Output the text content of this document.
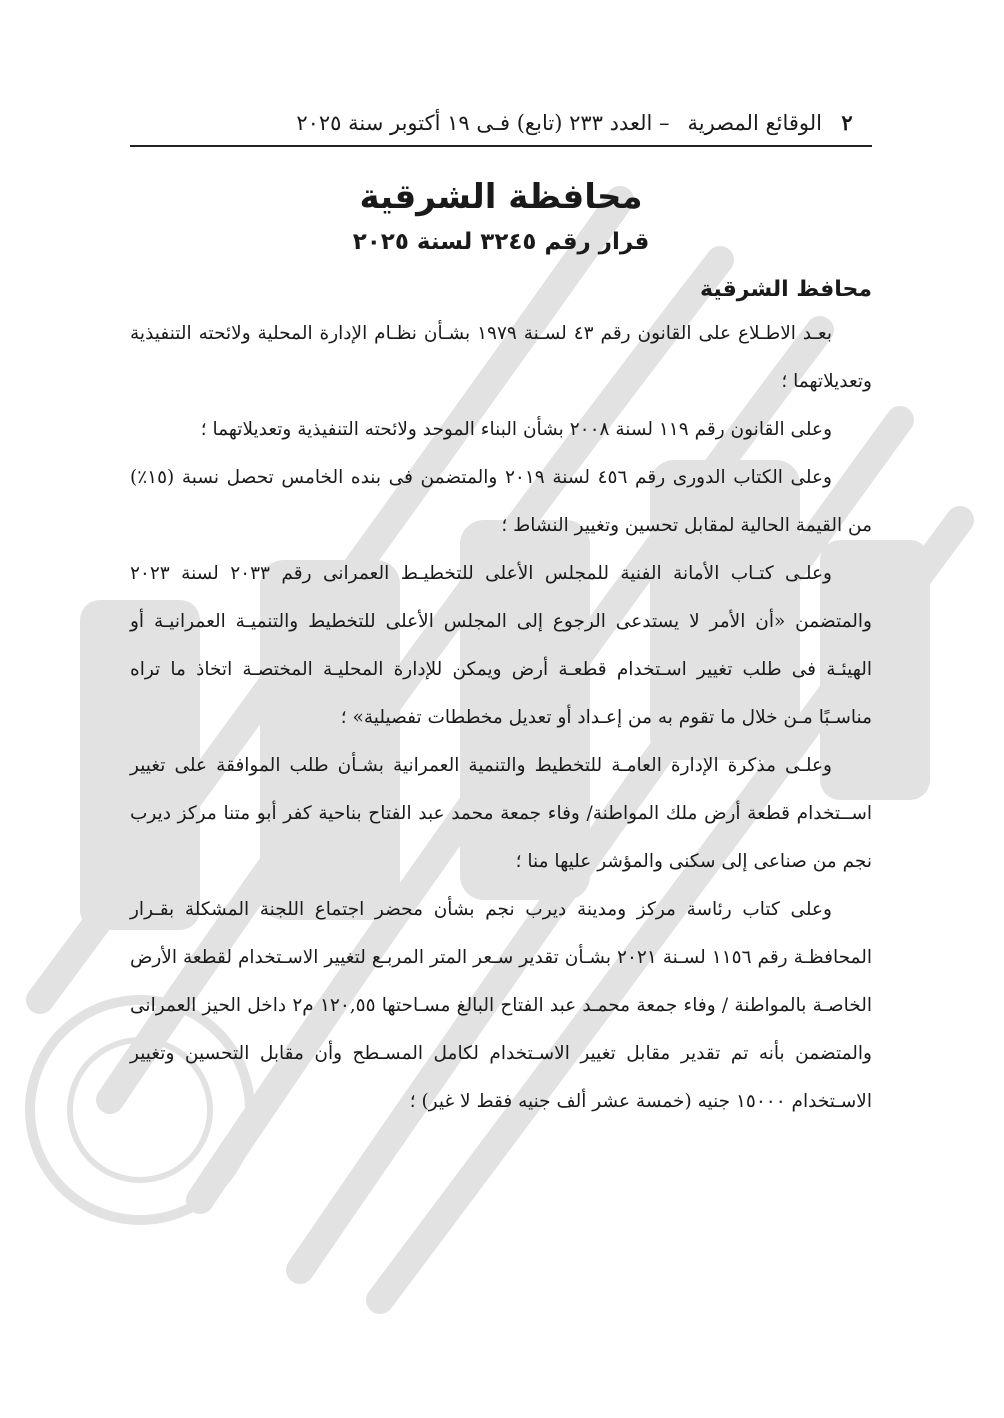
٢
الوقائع المصرية
– العدد ٢٣٣ (تابع) فـى ١٩ أكتوبر سنة ٢٠٢٥
محافظة الشرقية
قرار رقم ٣٢٤٥ لسنة ٢٠٢٥
محافظ الشرقية

بعـد الاطـلاع على القانون رقم ٤٣ لسـنة ١٩٧٩ بشـأن نظـام الإدارة المحلية ولائحته التنفيذية وتعديلاتهما ؛

وعلى القانون رقم ١١٩ لسنة ٢٠٠٨ بشأن البناء الموحد ولائحته التنفيذية وتعديلاتهما ؛

وعلى الكتاب الدورى رقم ٤٥٦ لسنة ٢٠١٩ والمتضمن فى بنده الخامس تحصل نسبة (١٥٪) من القيمة الحالية لمقابل تحسين وتغيير النشاط ؛

وعلـى كتـاب الأمانة الفنية للمجلس الأعلى للتخطيـط العمرانى رقم ٢٠٣٣ لسنة ٢٠٢٣ والمتضمن «أن الأمر لا يستدعى الرجوع إلى المجلس الأعلى للتخطيط والتنميـة العمرانيـة أو الهيئـة فى طلب تغيير اسـتخدام قطعـة أرض ويمكن للإدارة المحليـة المختصـة اتخاذ ما تراه مناسـبًا مـن خلال ما تقوم به من إعـداد أو تعديل مخططات تفصيلية» ؛

وعلـى مذكرة الإدارة العامـة للتخطيط والتنمية العمرانية بشـأن طلب الموافقة على تغيير اســتخدام قطعة أرض ملك المواطنة/ وفاء جمعة محمد عبد الفتاح بناحية كفر أبو متنا مركز ديرب نجم من صناعى إلى سكنى والمؤشر عليها منا ؛

وعلى كتاب رئاسة مركز ومدينة ديرب نجم بشأن محضر اجتماع اللجنة المشكلة بقـرار المحافظـة رقم ١١٥٦ لسـنة ٢٠٢١ بشـأن تقدير سـعر المتر المربـع لتغيير الاسـتخدام لقطعة الأرض الخاصـة بالمواطنة / وفاء جمعة محمـد عبد الفتاح البالغ مسـاحتها ١٢٠,٥٥ م٢ داخل الحيز العمرانى والمتضمن بأنه تم تقدير مقابل تغيير الاسـتخدام لكامل المسـطح وأن مقابل التحسين وتغيير الاسـتخدام ١٥٠٠٠ جنيه (خمسة عشر ألف جنيه فقط لا غير) ؛
